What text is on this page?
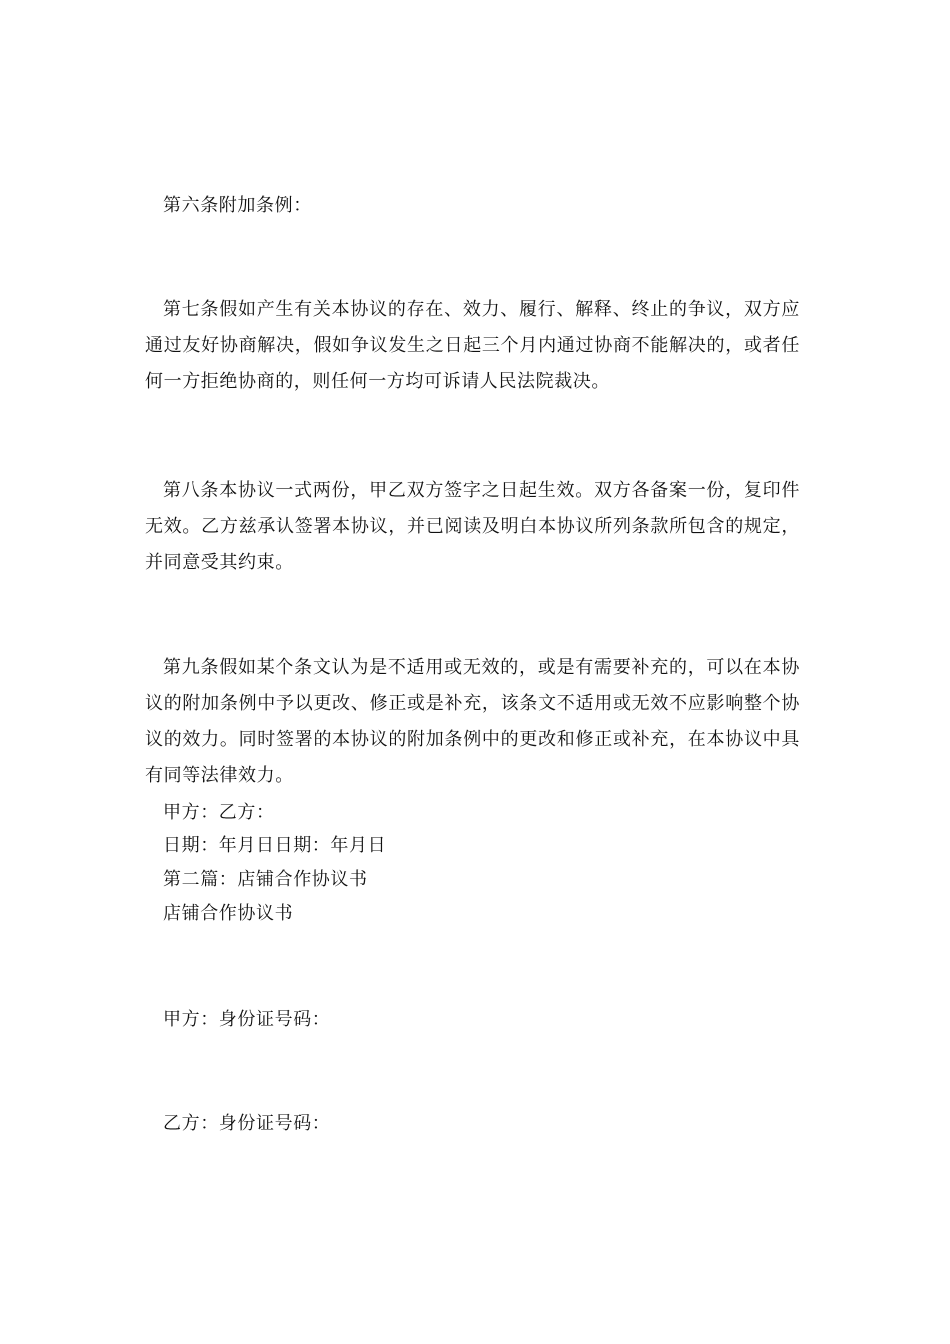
第六条附加条例：

第七条假如产生有关本协议的存在、效力、履行、解释、终止的争议，双方应通过友好协商解决，假如争议发生之日起三个月内通过协商不能解决的，或者任何一方拒绝协商的，则任何一方均可诉请人民法院裁决。

第八条本协议一式两份，甲乙双方签字之日起生效。双方各备案一份，复印件无效。乙方兹承认签署本协议，并已阅读及明白本协议所列条款所包含的规定，并同意受其约束。

第九条假如某个条文认为是不适用或无效的，或是有需要补充的，可以在本协议的附加条例中予以更改、修正或是补充，该条文不适用或无效不应影响整个协议的效力。同时签署的本协议的附加条例中的更改和修正或补充，在本协议中具有同等法律效力。

甲方：乙方：

日期：年月日日期：年月日

第二篇：店铺合作协议书

店铺合作协议书

甲方：身份证号码：

乙方：身份证号码：
